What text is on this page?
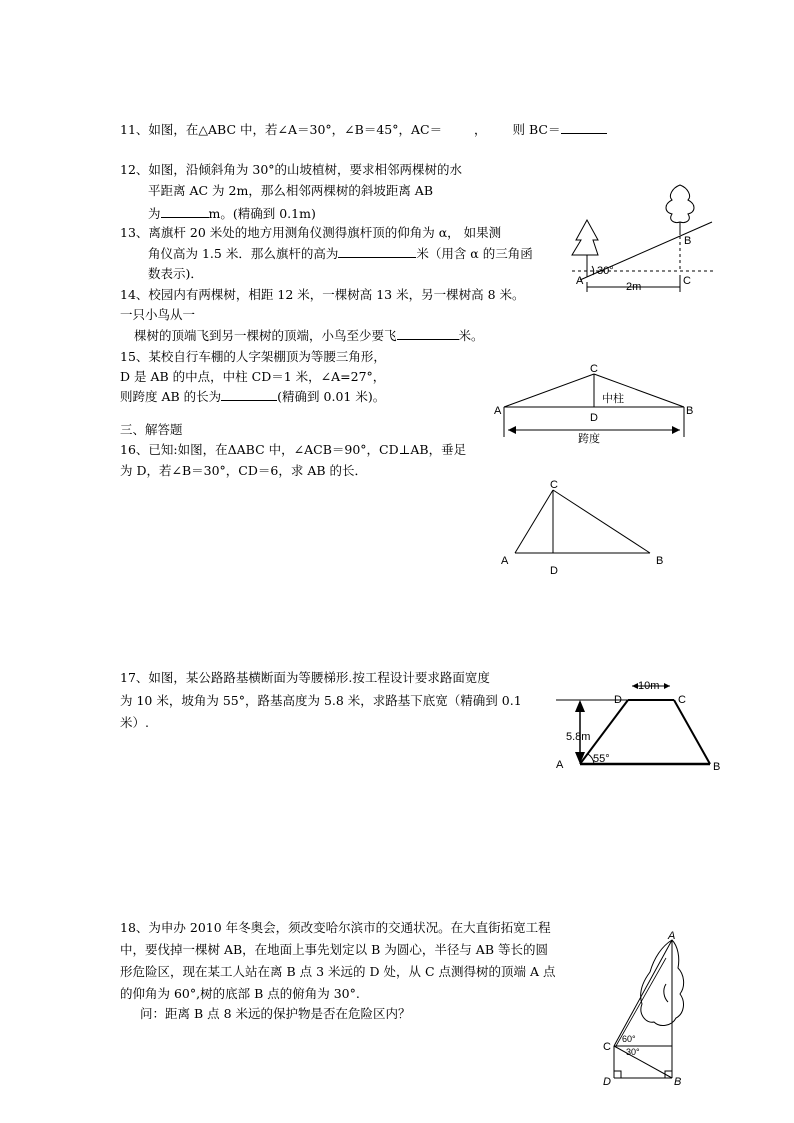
11、如图，在△ABC 中，若∠A＝30°，∠B＝45°，AC＝	， 则 BC＝
12、如图，沿倾斜角为 30°的山坡植树，要求相邻两棵树的水
平距离 AC 为 2m，那么相邻两棵树的斜坡距离 AB
为	m。(精确到 0.1m)
13、离旗杆 20 米处的地方用测角仪测得旗杆顶的仰角为 α， 如果测
角仪高为 1.5 米．那么旗杆的高为	米（用含 α 的三角函
数表示)．
14、校园内有两棵树，相距 12 米，一棵树高 13 米，另一棵树高 8 米。
一只小鸟从一
棵树的顶端飞到另一棵树的顶端，小鸟至少要飞	米。
15、某校自行车棚的人字架棚顶为等腰三角形，
D 是 AB 的中点，中柱 CD＝1 米，∠A=27°，
则跨度 AB 的长为	(精确到 0.01 米)。
三、解答题
16、已知:如图，在ΔABC 中，∠ACB＝90°，CD⊥AB，垂足
为 D，若∠B＝30°，CD＝6，求 AB 的长．
17、如图，某公路路基横断面为等腰梯形.按工程设计要求路面宽度
为 10 米，坡角为 55°，路基高度为 5.8 米，求路基下底宽（精确到 0.1
米）.
18、为申办 2010 年冬奥会，须改变哈尔滨市的交通状况。在大直街拓宽工程
中，要伐掉一棵树 AB，在地面上事先划定以 B 为圆心，半径与 AB 等长的圆
形危险区，现在某工人站在离 B 点 3 米远的 D 处，从 C 点测得树的顶端 A 点
的仰角为 60°,树的底部 B 点的俯角为 30°.
问：距离 B 点 8 米远的保护物是否在危险区内？
A
B
C
30°
2m
C
A	B
D
中柱
跨度
C
A	B
D
10m
D	C
5.8m
A	B
55°
A
C
D	B
60°
30°
